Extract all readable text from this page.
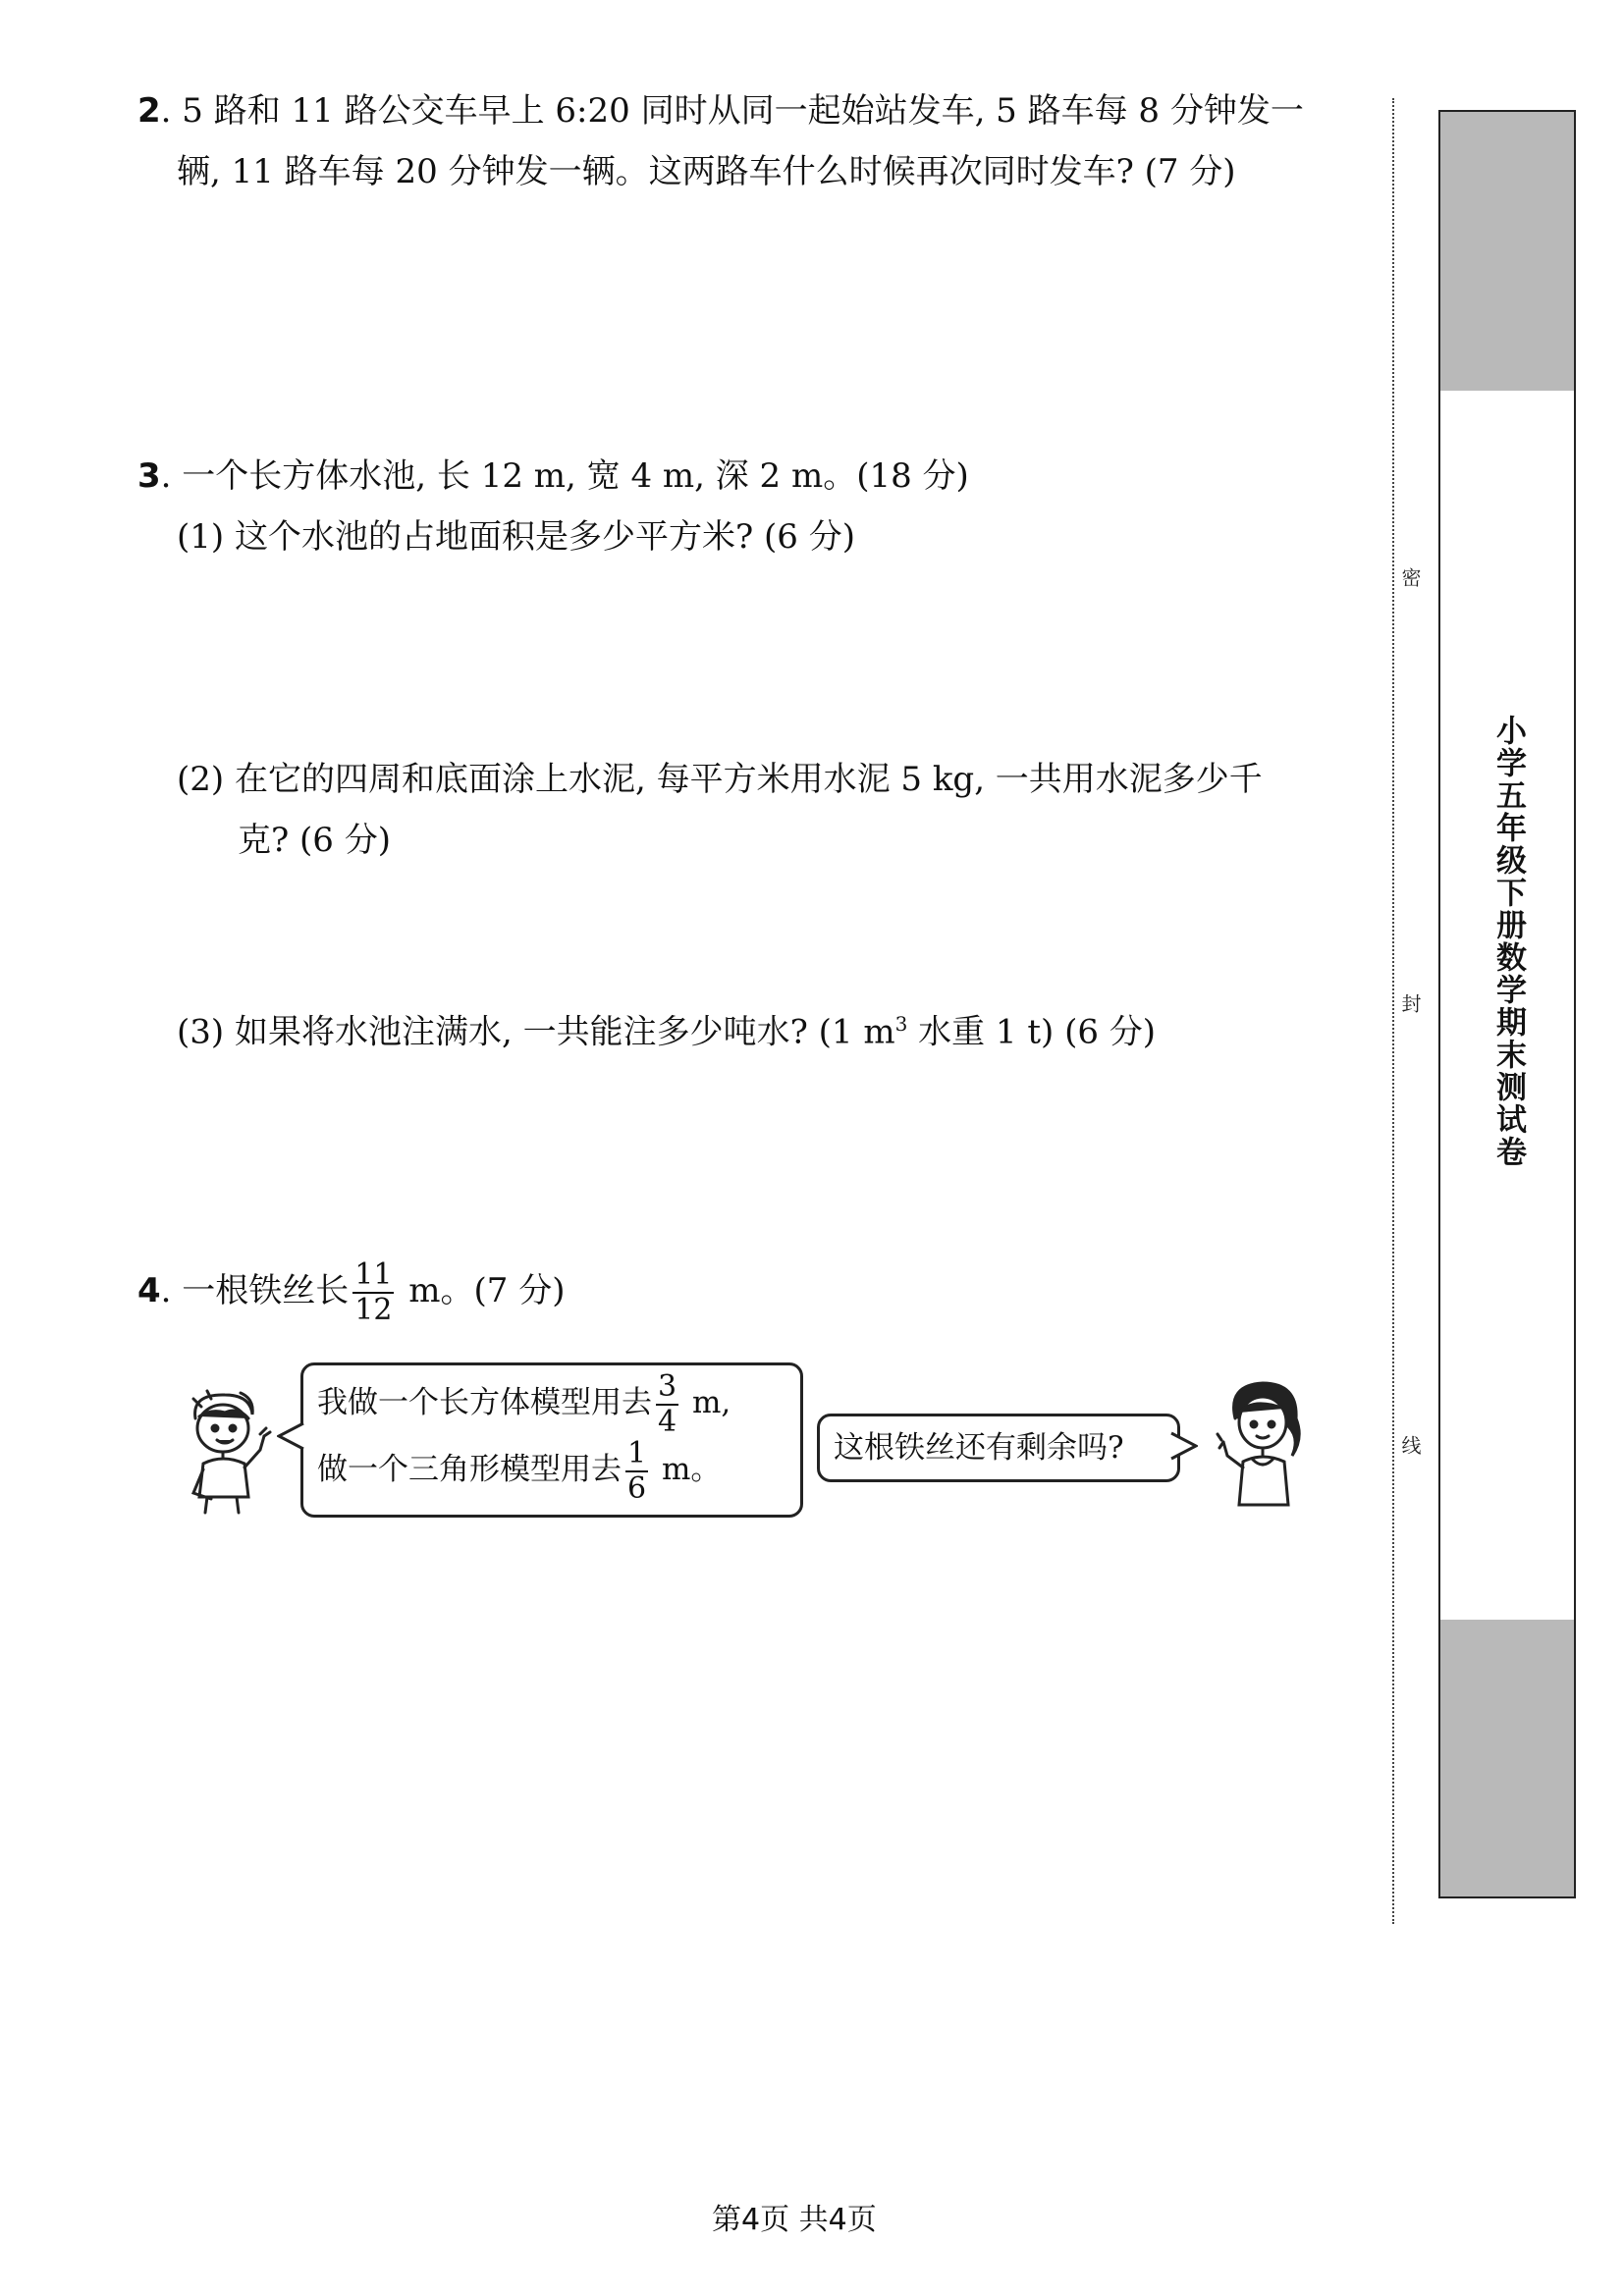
2. 5 路和 11 路公交车早上 6:20 同时从同一起始站发车, 5 路车每 8 分钟发一
辆, 11 路车每 20 分钟发一辆。这两路车什么时候再次同时发车? (7 分)
3. 一个长方体水池, 长 12 m, 宽 4 m, 深 2 m。(18 分)
(1) 这个水池的占地面积是多少平方米? (6 分)
(2) 在它的四周和底面涂上水泥, 每平方米用水泥 5 kg, 一共用水泥多少千
克? (6 分)
(3) 如果将水池注满水, 一共能注多少吨水? (1 $m^3$ 水重 1 t) (6 分)
4. 一根铁丝长 $\frac{11}{12}$ m。(7 分)
我做一个长方体模型用去 $\frac{3}{4} m$,
做一个三角形模型用去 $\frac{1}{6}$ m。
这根铁丝还有剩余吗?
密
封
线
小学五年级下册数学期末测试卷
第4页 共4页
